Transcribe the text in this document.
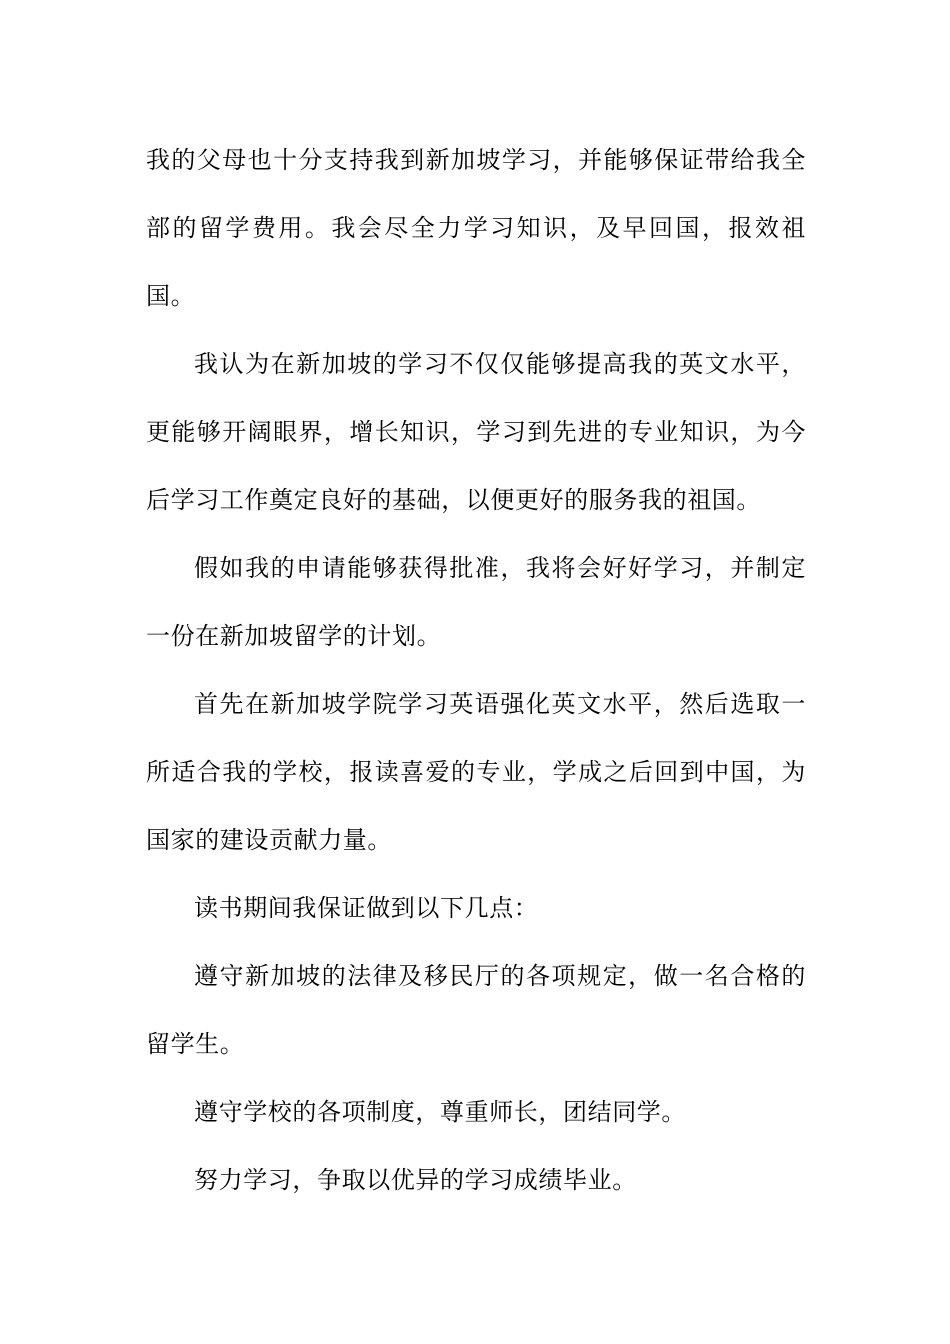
我的父母也十分支持我到新加坡学习，并能够保证带给我全部的留学费用。我会尽全力学习知识，及早回国，报效祖国。

我认为在新加坡的学习不仅仅能够提高我的英文水平，更能够开阔眼界，增长知识，学习到先进的专业知识，为今后学习工作奠定良好的基础，以便更好的服务我的祖国。

假如我的申请能够获得批准，我将会好好学习，并制定一份在新加坡留学的计划。

首先在新加坡学院学习英语强化英文水平，然后选取一所适合我的学校，报读喜爱的专业，学成之后回到中国，为国家的建设贡献力量。

读书期间我保证做到以下几点：

遵守新加坡的法律及移民厅的各项规定，做一名合格的留学生。

遵守学校的各项制度，尊重师长，团结同学。

努力学习，争取以优异的学习成绩毕业。
